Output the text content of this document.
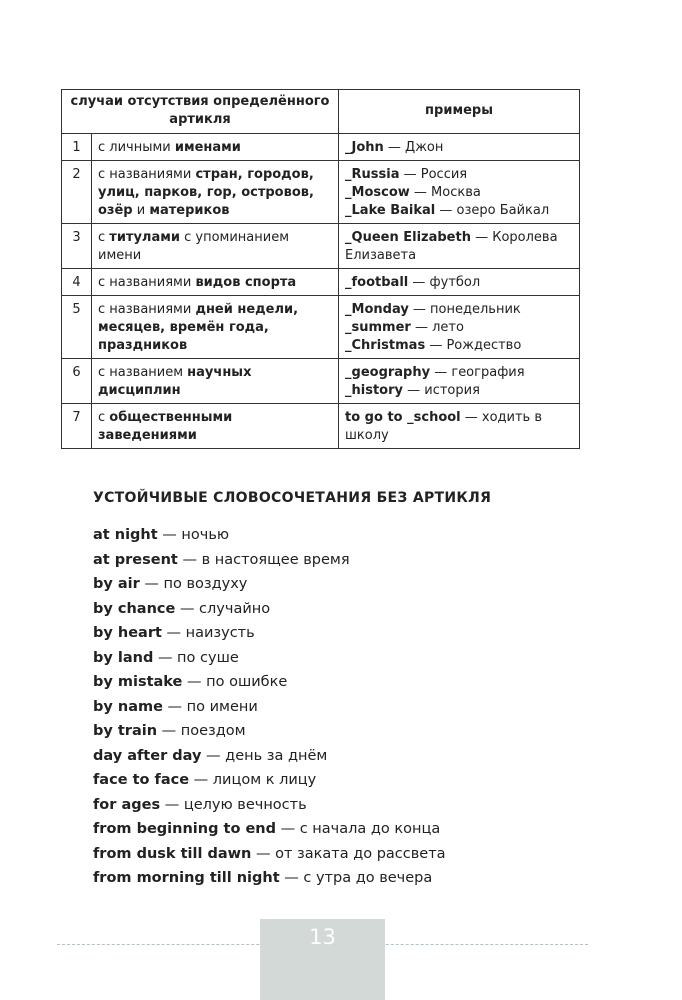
случаи отсутствия определённого артикля		примеры
1	с личными именами	_John — Джон

2	с названиями стран, городов, улиц, парков, гор, островов, озёр и материков	_Russia — Россия
_Moscow — Москва
_Lake Baikal — озеро Байкал

3	с титулами с упоминанием имени	_Queen Elizabeth — Королева Елизавета

4	с названиями видов спорта	_football — футбол

5	с названиями дней недели, месяцев, времён года, праздников	_Monday — понедельник
_summer — лето
_Christmas — Рождество

6	с названием научных дисциплин	_geography — география
_history — история

7	с общественными заведениями	to go to _school — ходить в школу
УСТОЙЧИВЫЕ СЛОВОСОЧЕТАНИЯ БЕЗ АРТИКЛЯ
at night — ночью
at present — в настоящее время
by air — по воздуху
by chance — случайно
by heart — наизусть
by land — по суше
by mistake — по ошибке
by name — по имени
by train — поездом
day after day — день за днём
face to face — лицом к лицу
for ages — целую вечность
from beginning to end — с начала до конца
from dusk till dawn — от заката до рассвета
from morning till night — с утра до вечера
13
